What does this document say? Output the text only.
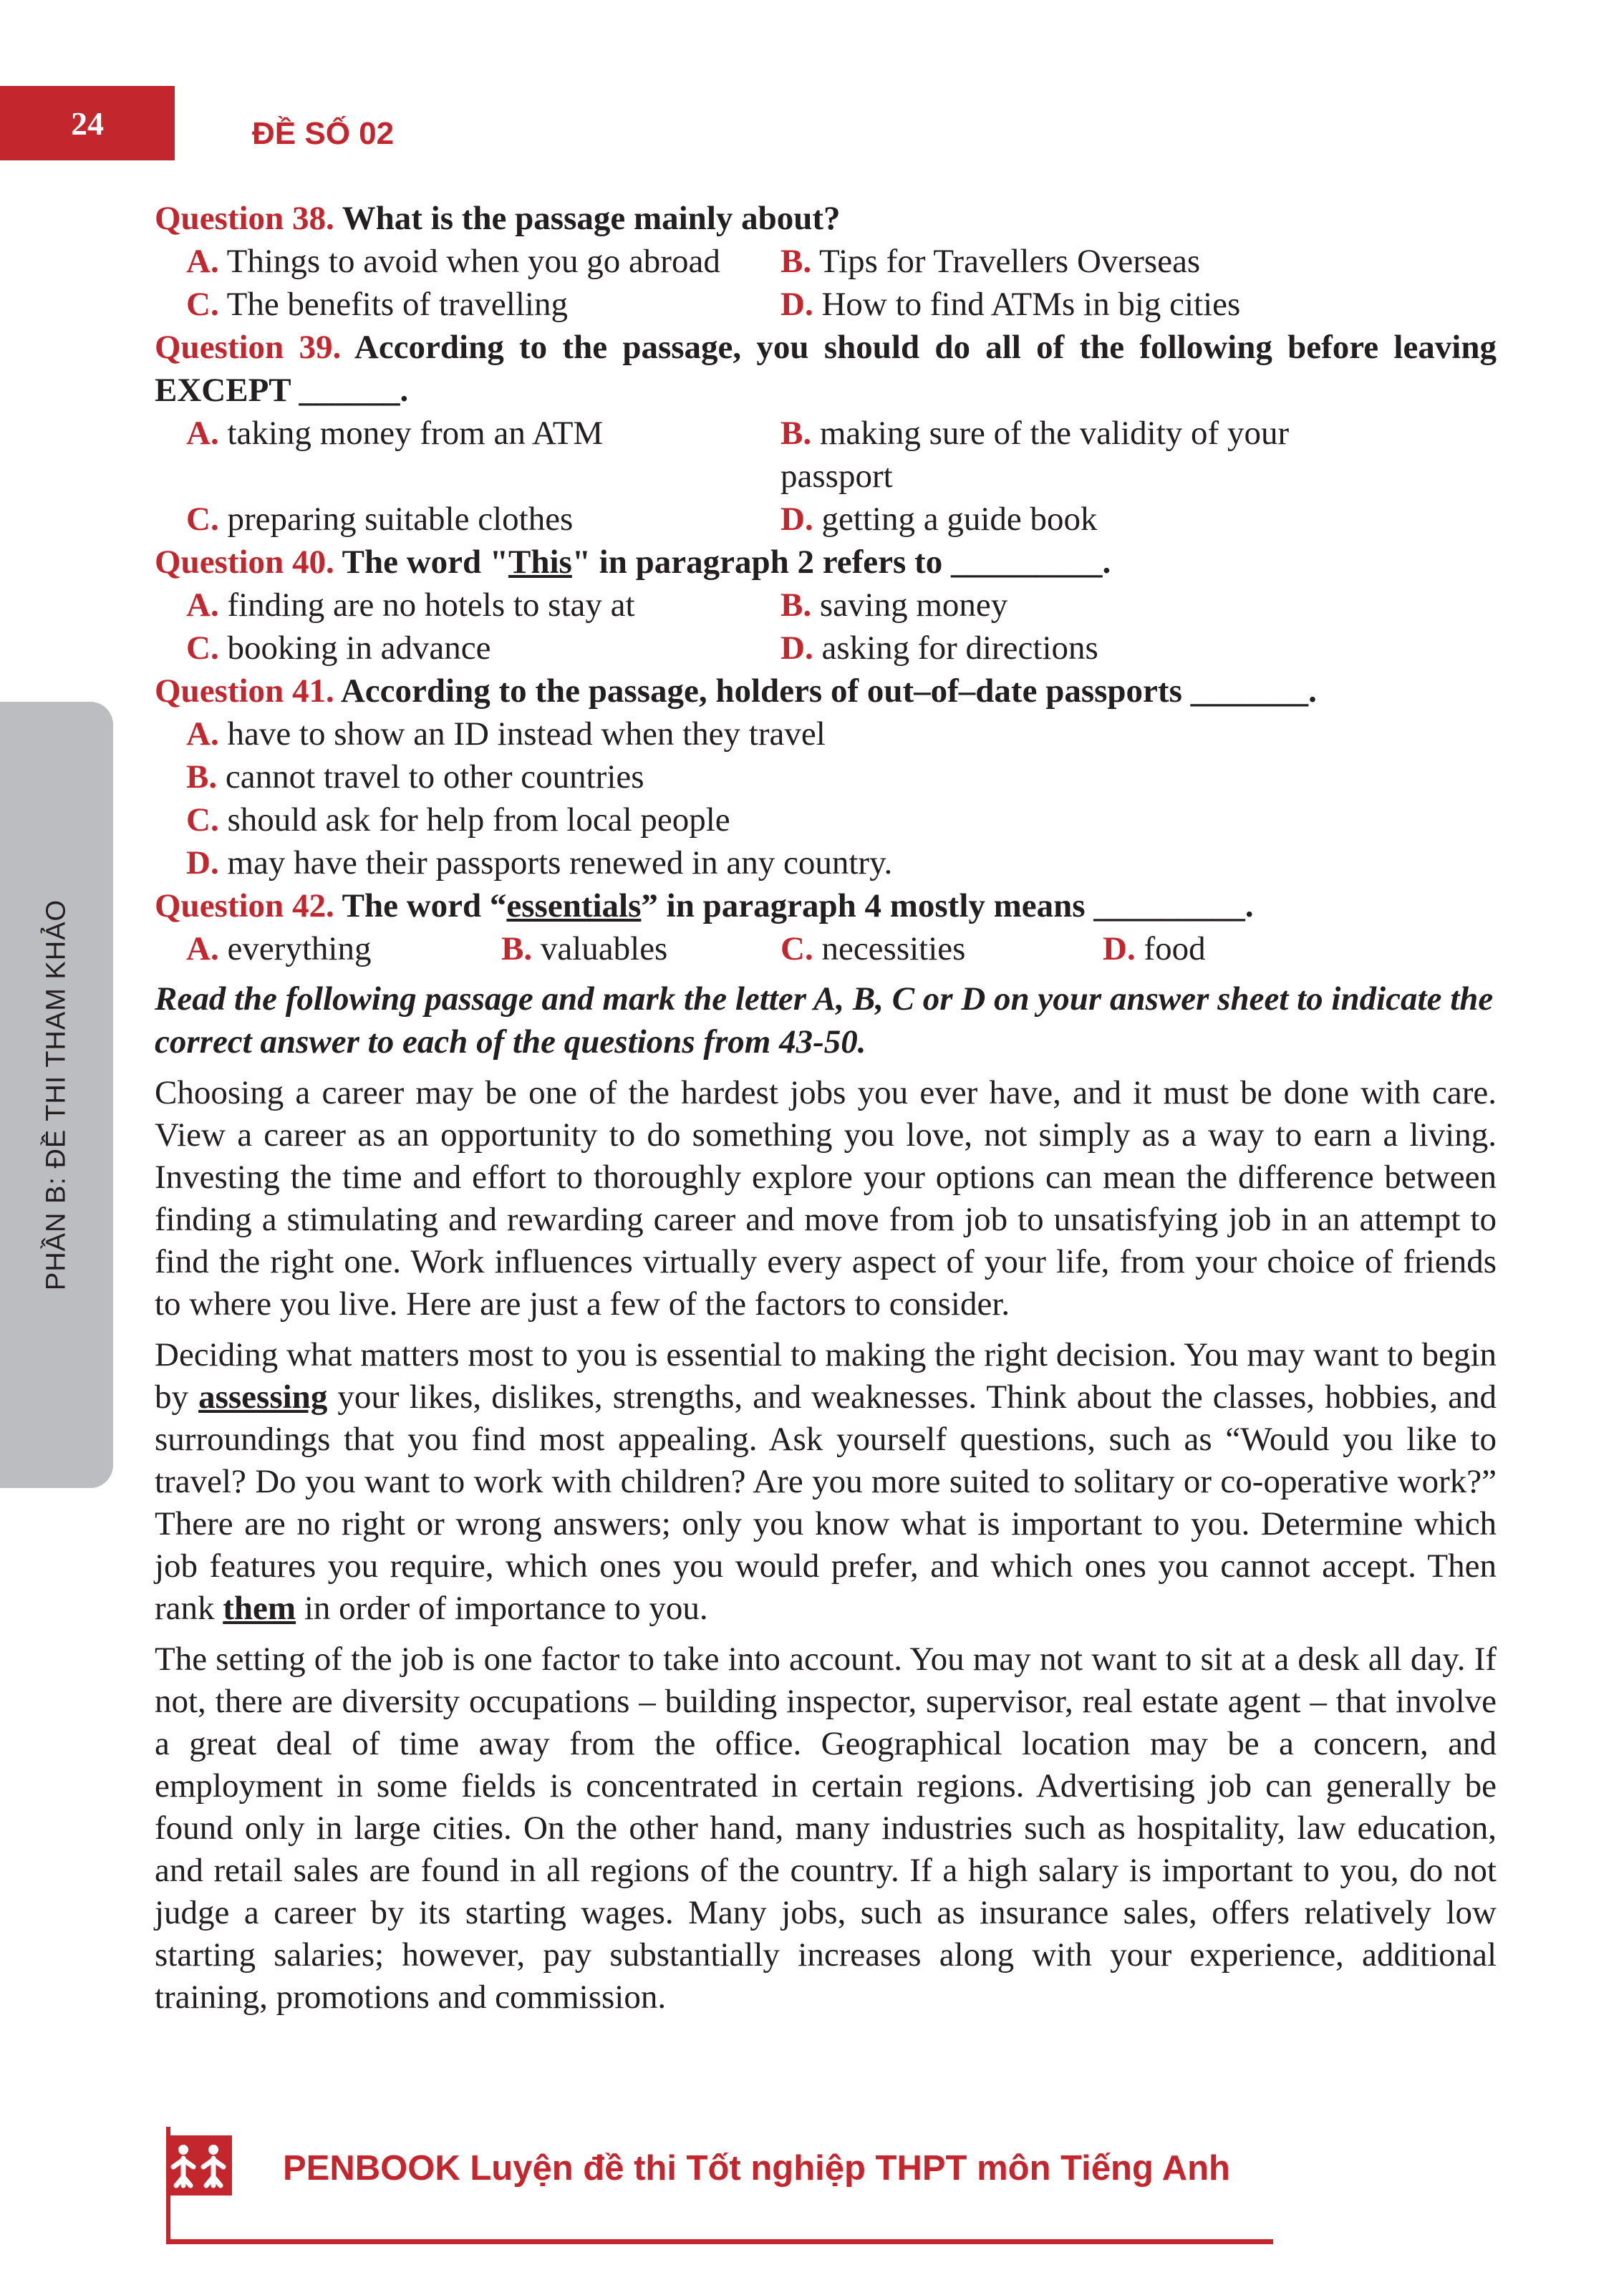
24	ĐỀ SỐ 02
PHẦN B: ĐỀ THI THAM KHẢO

Question 38. What is the passage mainly about?

A. Things to avoid when you go abroad	B. Tips for Travellers Overseas
C. The benefits of travelling	D. How to find ATMs in big cities

Question 39. According to the passage, you should do all of the following before leaving EXCEPT ______.

A. taking money from an ATM	B. making sure of the validity of your passport
C. preparing suitable clothes	D. getting a guide book

Question 40. The word "This" in paragraph 2 refers to _________.

A. finding are no hotels to stay at	B. saving money
C. booking in advance	D. asking for directions

Question 41. According to the passage, holders of out–of–date passports _______.

A. have to show an ID instead when they travel

B. cannot travel to other countries

C. should ask for help from local people

D. may have their passports renewed in any country.

Question 42. The word “essentials” in paragraph 4 mostly means _________.

A. everything	B. valuables	C. necessities	D. food

Read the following passage and mark the letter A, B, C or D on your answer sheet to indicate the correct answer to each of the questions from 43-50.

Choosing a career may be one of the hardest jobs you ever have, and it must be done with care. View a career as an opportunity to do something you love, not simply as a way to earn a living. Investing the time and effort to thoroughly explore your options can mean the difference between finding a stimulating and rewarding career and move from job to unsatisfying job in an attempt to find the right one. Work influences virtually every aspect of your life, from your choice of friends to where you live. Here are just a few of the factors to consider.

Deciding what matters most to you is essential to making the right decision. You may want to begin by assessing your likes, dislikes, strengths, and weaknesses. Think about the classes, hobbies, and surroundings that you find most appealing. Ask yourself questions, such as “Would you like to travel? Do you want to work with children? Are you more suited to solitary or co-operative work?” There are no right or wrong answers; only you know what is important to you. Determine which job features you require, which ones you would prefer, and which ones you cannot accept. Then rank them in order of importance to you.

The setting of the job is one factor to take into account. You may not want to sit at a desk all day. If not, there are diversity occupations – building inspector, supervisor, real estate agent – that involve a great deal of time away from the office. Geographical location may be a concern, and employment in some fields is concentrated in certain regions. Advertising job can generally be found only in large cities. On the other hand, many industries such as hospitality, law education, and retail sales are found in all regions of the country. If a high salary is important to you, do not judge a career by its starting wages. Many jobs, such as insurance sales, offers relatively low starting salaries; however, pay substantially increases along with your experience, additional training, promotions and commission.

PENBOOK Luyện đề thi Tốt nghiệp THPT môn Tiếng Anh
